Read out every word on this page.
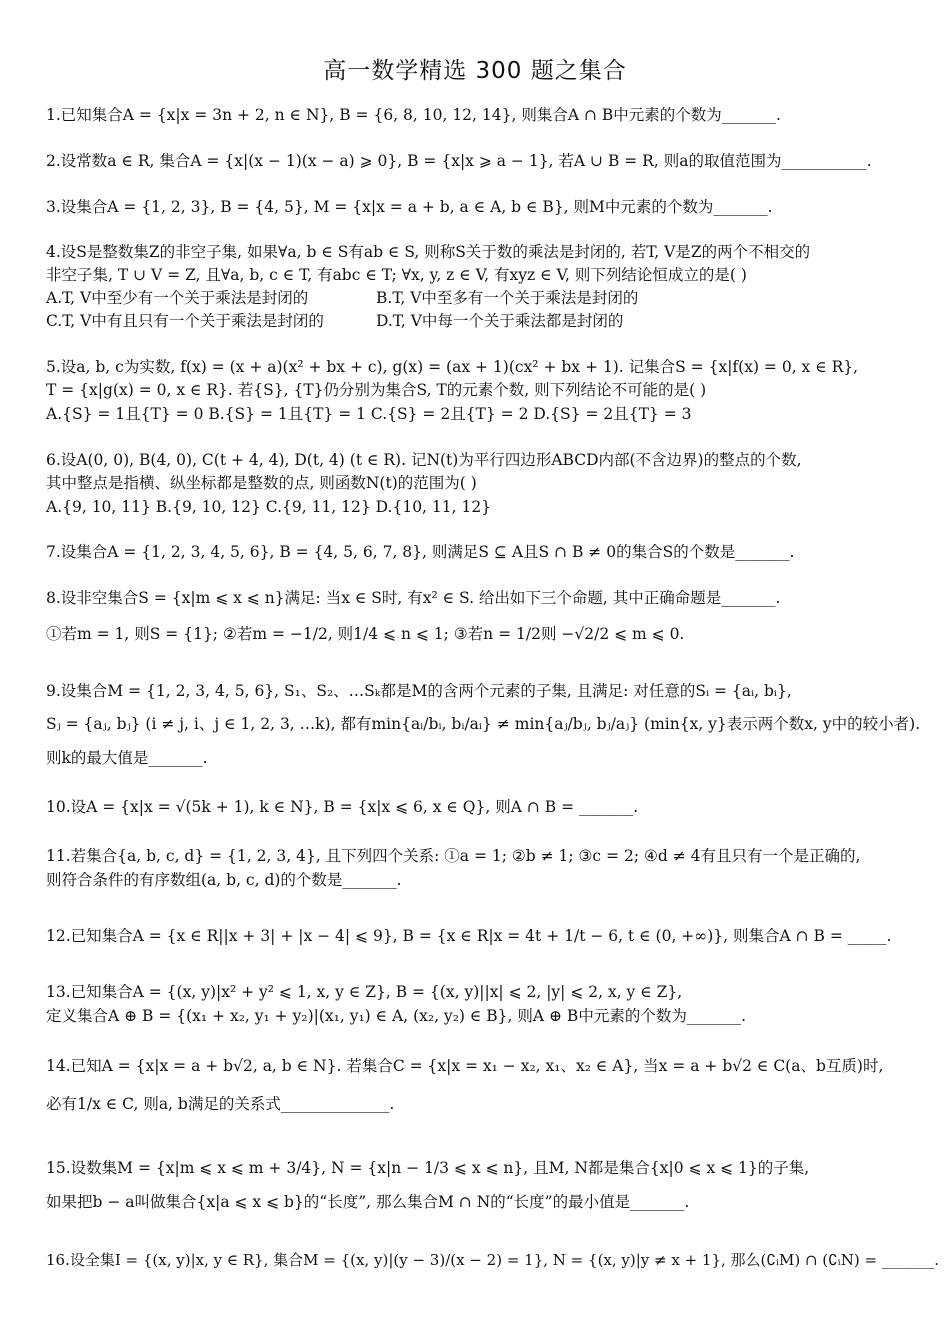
高一数学精选 300 题之集合
1.已知集合A = {x|x = 3n + 2, n ∈ N}, B = {6, 8, 10, 12, 14}, 则集合A ∩ B中元素的个数为_______.
2.设常数a ∈ R, 集合A = {x|(x − 1)(x − a) ⩾ 0}, B = {x|x ⩾ a − 1}, 若A ∪ B = R, 则a的取值范围为___________.
3.设集合A = {1, 2, 3}, B = {4, 5}, M = {x|x = a + b, a ∈ A, b ∈ B}, 则M中元素的个数为_______.
4.设S是整数集Z的非空子集, 如果∀a, b ∈ S有ab ∈ S, 则称S关于数的乘法是封闭的, 若T, V是Z的两个不相交的
非空子集, T ∪ V = Z, 且∀a, b, c ∈ T, 有abc ∈ T; ∀x, y, z ∈ V, 有xyz ∈ V, 则下列结论恒成立的是( )
A.T, V中至少有一个关于乘法是封闭的	B.T, V中至多有一个关于乘法是封闭的
C.T, V中有且只有一个关于乘法是封闭的	D.T, V中每一个关于乘法都是封闭的
5.设a, b, c为实数, f(x) = (x + a)(x² + bx + c), g(x) = (ax + 1)(cx² + bx + 1). 记集合S = {x|f(x) = 0, x ∈ R},
T = {x|g(x) = 0, x ∈ R}. 若{S}, {T}仍分别为集合S, T的元素个数, 则下列结论不可能的是( )
A.{S} = 1且{T} = 0 B.{S} = 1且{T} = 1 C.{S} = 2且{T} = 2 D.{S} = 2且{T} = 3
6.设A(0, 0), B(4, 0), C(t + 4, 4), D(t, 4) (t ∈ R). 记N(t)为平行四边形ABCD内部(不含边界)的整点的个数,
其中整点是指横、纵坐标都是整数的点, 则函数N(t)的范围为( )
A.{9, 10, 11} B.{9, 10, 12} C.{9, 11, 12} D.{10, 11, 12}
7.设集合A = {1, 2, 3, 4, 5, 6}, B = {4, 5, 6, 7, 8}, 则满足S ⊆ A且S ∩ B ≠ 0的集合S的个数是_______.
8.设非空集合S = {x|m ⩽ x ⩽ n}满足: 当x ∈ S时, 有x² ∈ S. 给出如下三个命题, 其中正确命题是_______.
①若m = 1, 则S = {1}; ②若m = −1/2, 则1/4 ⩽ n ⩽ 1; ③若n = 1/2则 −√2/2 ⩽ m ⩽ 0.
9.设集合M = {1, 2, 3, 4, 5, 6}, S₁、S₂、…Sₖ都是M的含两个元素的子集, 且满足: 对任意的Sᵢ = {aᵢ, bᵢ},
Sⱼ = {aⱼ, bⱼ} (i ≠ j, i、j ∈ 1, 2, 3, …k), 都有min{aᵢ/bᵢ, bᵢ/aᵢ} ≠ min{aⱼ/bⱼ, bⱼ/aⱼ} (min{x, y}表示两个数x, y中的较小者).
则k的最大值是_______.
10.设A = {x|x = √(5k + 1), k ∈ N}, B = {x|x ⩽ 6, x ∈ Q}, 则A ∩ B = _______.
11.若集合{a, b, c, d} = {1, 2, 3, 4}, 且下列四个关系: ①a = 1; ②b ≠ 1; ③c = 2; ④d ≠ 4有且只有一个是正确的,
则符合条件的有序数组(a, b, c, d)的个数是_______.
12.已知集合A = {x ∈ R||x + 3| + |x − 4| ⩽ 9}, B = {x ∈ R|x = 4t + 1/t − 6, t ∈ (0, +∞)}, 则集合A ∩ B = _____.
13.已知集合A = {(x, y)|x² + y² ⩽ 1, x, y ∈ Z}, B = {(x, y)||x| ⩽ 2, |y| ⩽ 2, x, y ∈ Z},
定义集合A ⊕ B = {(x₁ + x₂, y₁ + y₂)|(x₁, y₁) ∈ A, (x₂, y₂) ∈ B}, 则A ⊕ B中元素的个数为_______.
14.已知A = {x|x = a + b√2, a, b ∈ N}. 若集合C = {x|x = x₁ − x₂, x₁、x₂ ∈ A}, 当x = a + b√2 ∈ C(a、b互质)时,
必有1/x ∈ C, 则a, b满足的关系式______________.
15.设数集M = {x|m ⩽ x ⩽ m + 3/4}, N = {x|n − 1/3 ⩽ x ⩽ n}, 且M, N都是集合{x|0 ⩽ x ⩽ 1}的子集,
如果把b − a叫做集合{x|a ⩽ x ⩽ b}的“长度”, 那么集合M ∩ N的“长度”的最小值是_______.
16.设全集I = {(x, y)|x, y ∈ R}, 集合M = {(x, y)|(y − 3)/(x − 2) = 1}, N = {(x, y)|y ≠ x + 1}, 那么(∁ᵢM) ∩ (∁ᵢN) = _______.
